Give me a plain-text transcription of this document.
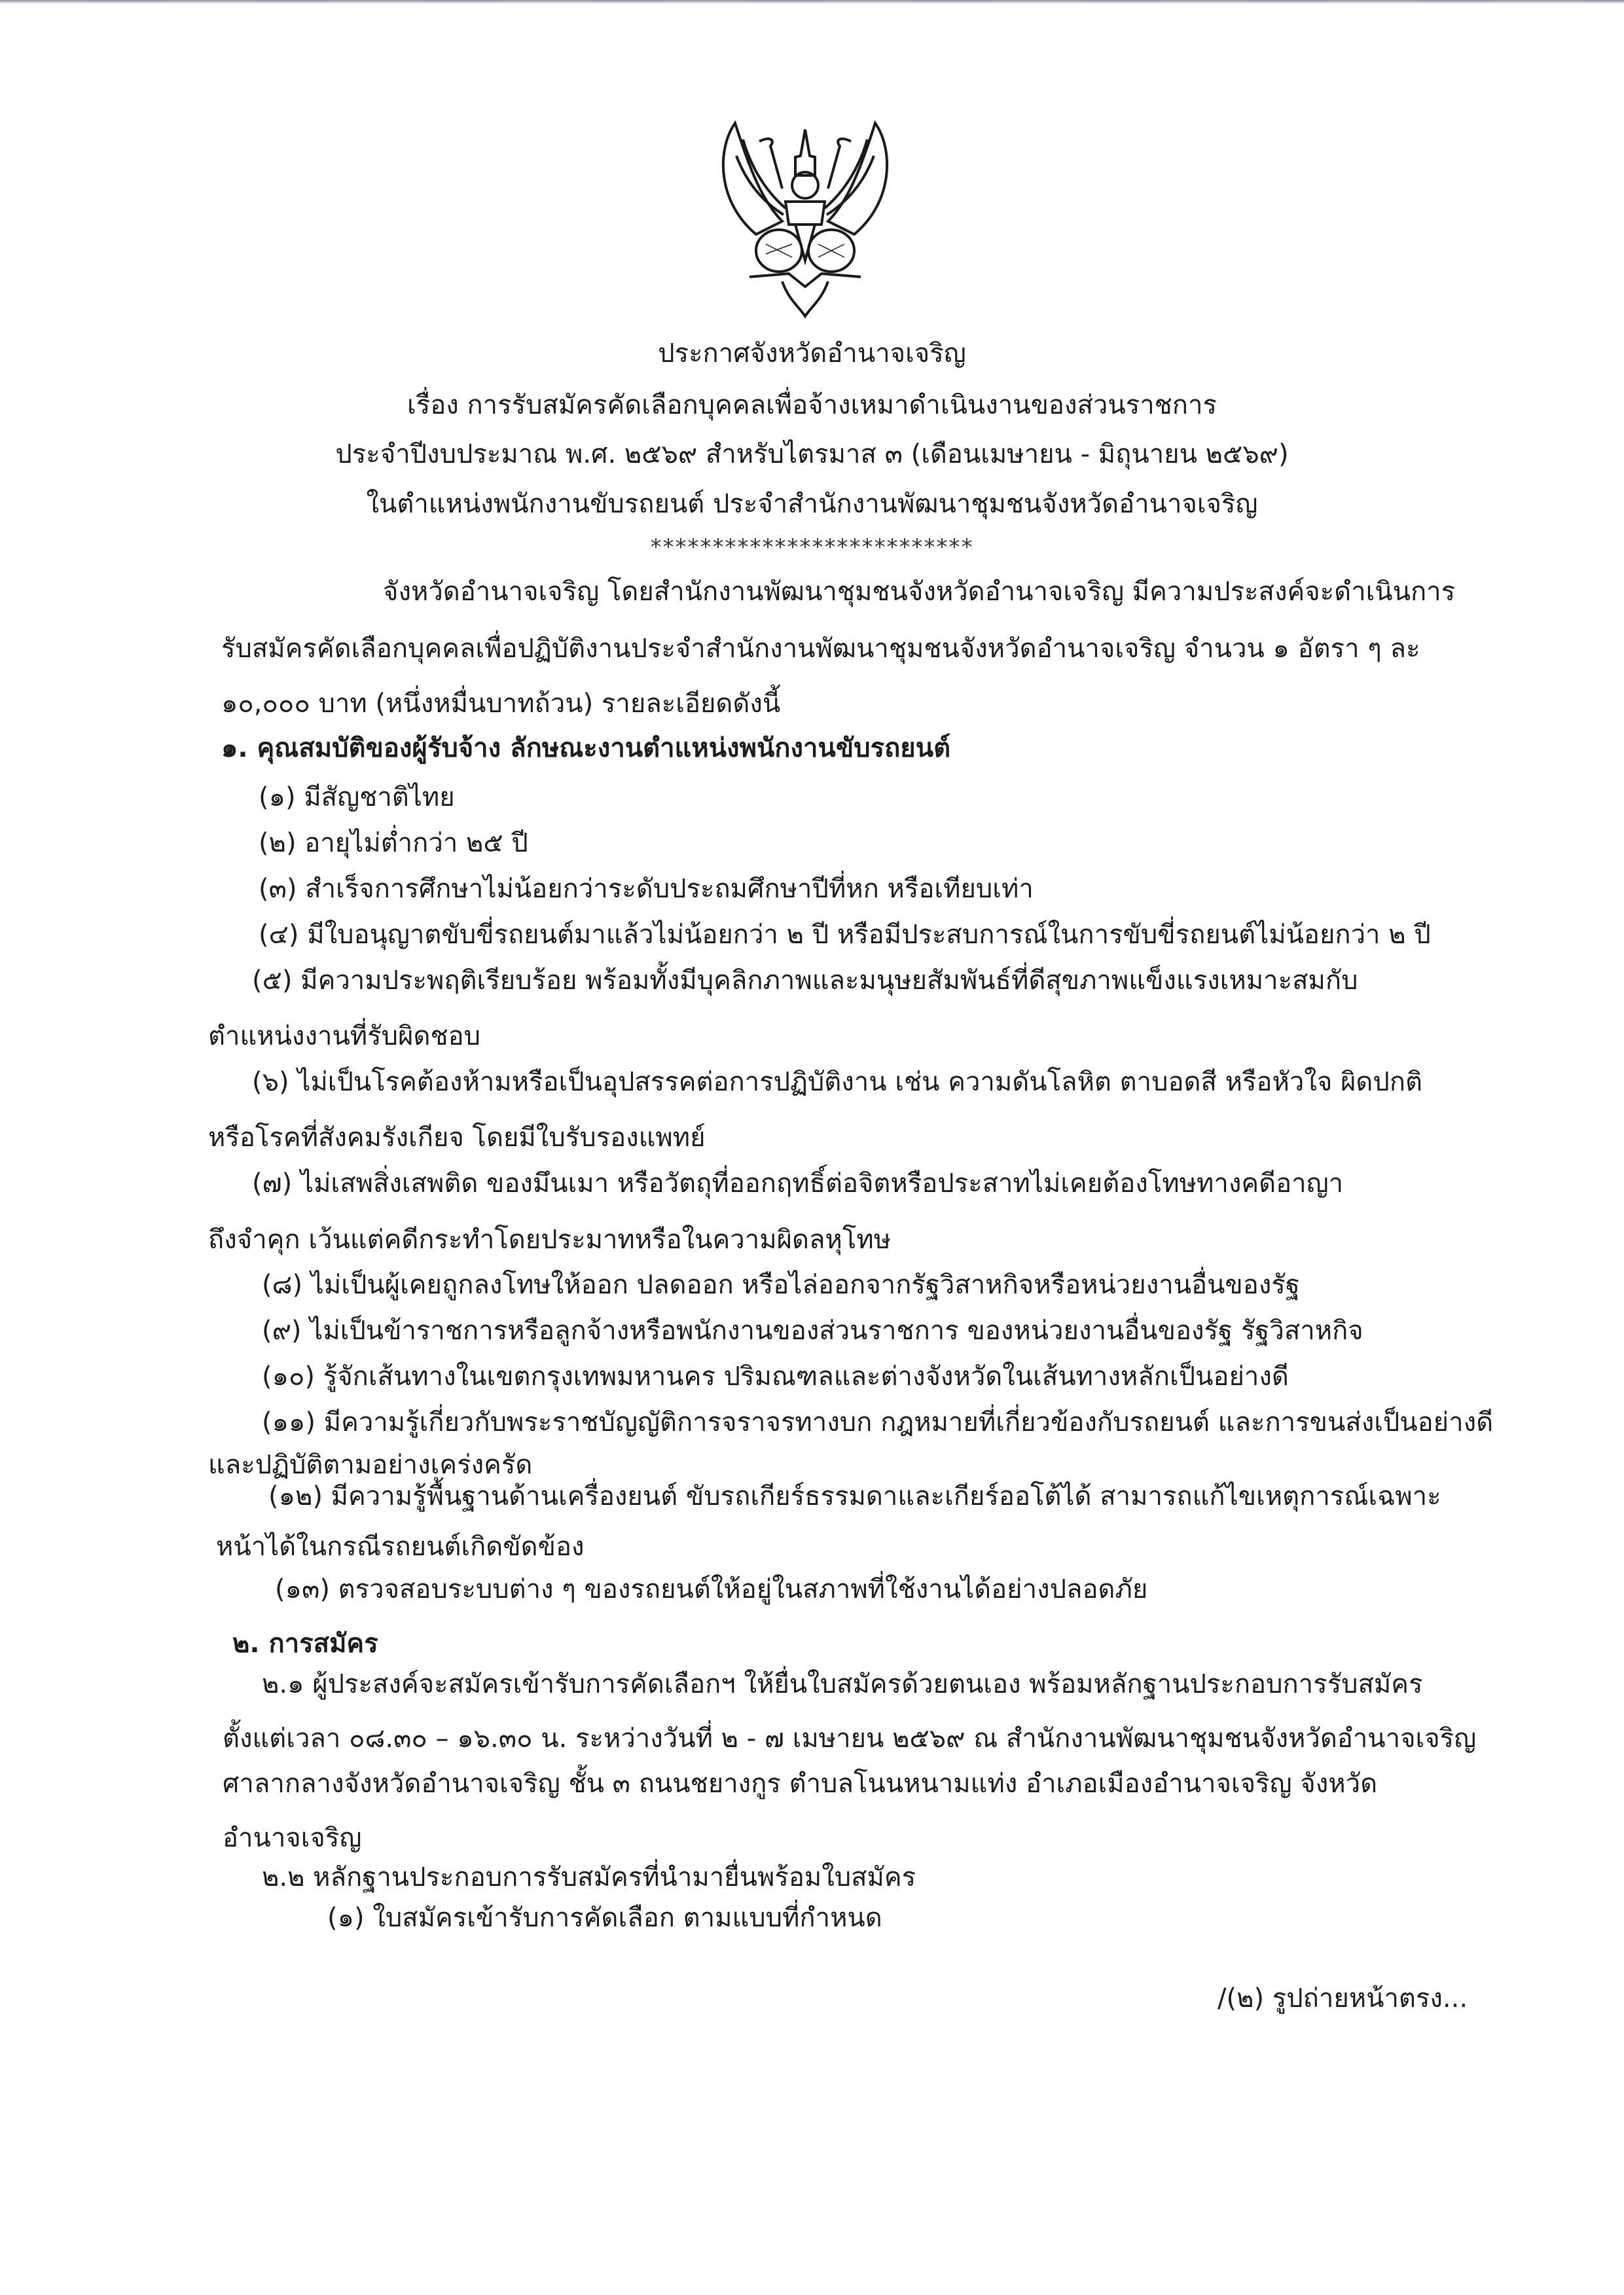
ประกาศจังหวัดอำนาจเจริญ
เรื่อง การรับสมัครคัดเลือกบุคคลเพื่อจ้างเหมาดำเนินงานของส่วนราชการ
ประจำปีงบประมาณ พ.ศ. ๒๕๖๙ สำหรับไตรมาส ๓ (เดือนเมษายน - มิถุนายน ๒๕๖๙)
ในตำแหน่งพนักงานขับรถยนต์ ประจำสำนักงานพัฒนาชุมชนจังหวัดอำนาจเจริญ
**************************
จังหวัดอำนาจเจริญ โดยสำนักงานพัฒนาชุมชนจังหวัดอำนาจเจริญ มีความประสงค์จะดำเนินการ
รับสมัครคัดเลือกบุคคลเพื่อปฏิบัติงานประจำสำนักงานพัฒนาชุมชนจังหวัดอำนาจเจริญ จำนวน ๑ อัตรา ๆ ละ
๑๐,๐๐๐ บาท (หนึ่งหมื่นบาทถ้วน) รายละเอียดดังนี้
๑. คุณสมบัติของผู้รับจ้าง ลักษณะงานตำแหน่งพนักงานขับรถยนต์
(๑) มีสัญชาติไทย
(๒) อายุไม่ต่ำกว่า ๒๕ ปี
(๓) สำเร็จการศึกษาไม่น้อยกว่าระดับประถมศึกษาปีที่หก หรือเทียบเท่า
(๔) มีใบอนุญาตขับขี่รถยนต์มาแล้วไม่น้อยกว่า ๒ ปี หรือมีประสบการณ์ในการขับขี่รถยนต์ไม่น้อยกว่า ๒ ปี
(๕) มีความประพฤติเรียบร้อย พร้อมทั้งมีบุคลิกภาพและมนุษยสัมพันธ์ที่ดีสุขภาพแข็งแรงเหมาะสมกับ
ตำแหน่งงานที่รับผิดชอบ
(๖) ไม่เป็นโรคต้องห้ามหรือเป็นอุปสรรคต่อการปฏิบัติงาน เช่น ความดันโลหิต ตาบอดสี หรือหัวใจ ผิดปกติ
หรือโรคที่สังคมรังเกียจ โดยมีใบรับรองแพทย์
(๗) ไม่เสพสิ่งเสพติด ของมึนเมา หรือวัตถุที่ออกฤทธิ์ต่อจิตหรือประสาทไม่เคยต้องโทษทางคดีอาญา
ถึงจำคุก เว้นแต่คดีกระทำโดยประมาทหรือในความผิดลหุโทษ
(๘) ไม่เป็นผู้เคยถูกลงโทษให้ออก ปลดออก หรือไล่ออกจากรัฐวิสาหกิจหรือหน่วยงานอื่นของรัฐ
(๙) ไม่เป็นข้าราชการหรือลูกจ้างหรือพนักงานของส่วนราชการ ของหน่วยงานอื่นของรัฐ รัฐวิสาหกิจ
(๑๐) รู้จักเส้นทางในเขตกรุงเทพมหานคร ปริมณฑลและต่างจังหวัดในเส้นทางหลักเป็นอย่างดี
(๑๑) มีความรู้เกี่ยวกับพระราชบัญญัติการจราจรทางบก กฎหมายที่เกี่ยวข้องกับรถยนต์ และการขนส่งเป็นอย่างดี
และปฏิบัติตามอย่างเคร่งครัด
(๑๒) มีความรู้พื้นฐานด้านเครื่องยนต์ ขับรถเกียร์ธรรมดาและเกียร์ออโต้ได้ สามารถแก้ไขเหตุการณ์เฉพาะ
หน้าได้ในกรณีรถยนต์เกิดขัดข้อง
(๑๓) ตรวจสอบระบบต่าง ๆ ของรถยนต์ให้อยู่ในสภาพที่ใช้งานได้อย่างปลอดภัย
๒. การสมัคร
๒.๑ ผู้ประสงค์จะสมัครเข้ารับการคัดเลือกฯ ให้ยื่นใบสมัครด้วยตนเอง พร้อมหลักฐานประกอบการรับสมัคร
ตั้งแต่เวลา ๐๘.๓๐ – ๑๖.๓๐ น. ระหว่างวันที่ ๒ - ๗ เมษายน ๒๕๖๙ ณ สำนักงานพัฒนาชุมชนจังหวัดอำนาจเจริญ
ศาลากลางจังหวัดอำนาจเจริญ ชั้น ๓ ถนนชยางกูร ตำบลโนนหนามแท่ง อำเภอเมืองอำนาจเจริญ จังหวัด
อำนาจเจริญ
๒.๒ หลักฐานประกอบการรับสมัครที่นำมายื่นพร้อมใบสมัคร
(๑) ใบสมัครเข้ารับการคัดเลือก ตามแบบที่กำหนด
/(๒) รูปถ่ายหน้าตรง...
